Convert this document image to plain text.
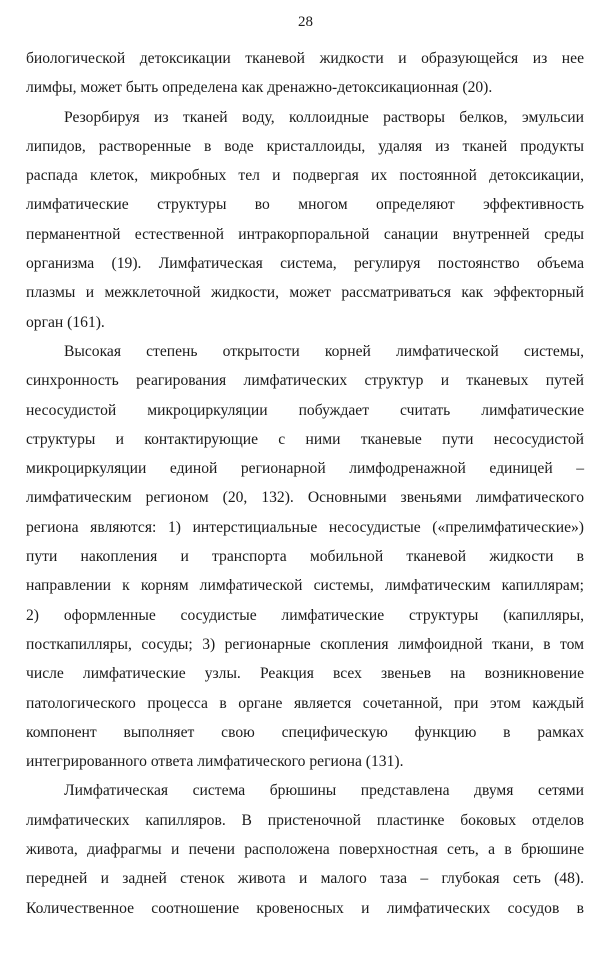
28

биологической детоксикации тканевой жидкости и образующейся из нее
лимфы, может быть определена как дренажно-детоксикационная (20).

Резорбируя из тканей воду, коллоидные растворы белков, эмульсии
липидов, растворенные в воде кристаллоиды, удаляя из тканей продукты
распада клеток, микробных тел и подвергая их постоянной детоксикации,
лимфатические структуры во многом определяют эффективность
перманентной естественной интракорпоральной санации внутренней среды
организма (19). Лимфатическая система, регулируя постоянство объема
плазмы и межклеточной жидкости, может рассматриваться как эффекторный
орган (161).

Высокая степень открытости корней лимфатической системы,
синхронность реагирования лимфатических структур и тканевых путей
несосудистой микроциркуляции побуждает считать лимфатические
структуры и контактирующие с ними тканевые пути несосудистой
микроциркуляции единой регионарной лимфодренажной единицей –
лимфатическим регионом (20, 132). Основными звеньями лимфатического
региона являются: 1) интерстициальные несосудистые («прелимфатические»)
пути накопления и транспорта мобильной тканевой жидкости в
направлении к корням лимфатической системы, лимфатическим капиллярам;
2) оформленные сосудистые лимфатические структуры (капилляры,
посткапилляры, сосуды; 3) регионарные скопления лимфоидной ткани, в том
числе лимфатические узлы. Реакция всех звеньев на возникновение
патологического процесса в органе является сочетанной, при этом каждый
компонент выполняет свою специфическую функцию в рамках
интегрированного ответа лимфатического региона (131).

Лимфатическая система брюшины представлена двумя сетями
лимфатических капилляров. В пристеночной пластинке боковых отделов
живота, диафрагмы и печени расположена поверхностная сеть, а в брюшине
передней и задней стенок живота и малого таза – глубокая сеть (48).
Количественное соотношение кровеносных и лимфатических сосудов в
